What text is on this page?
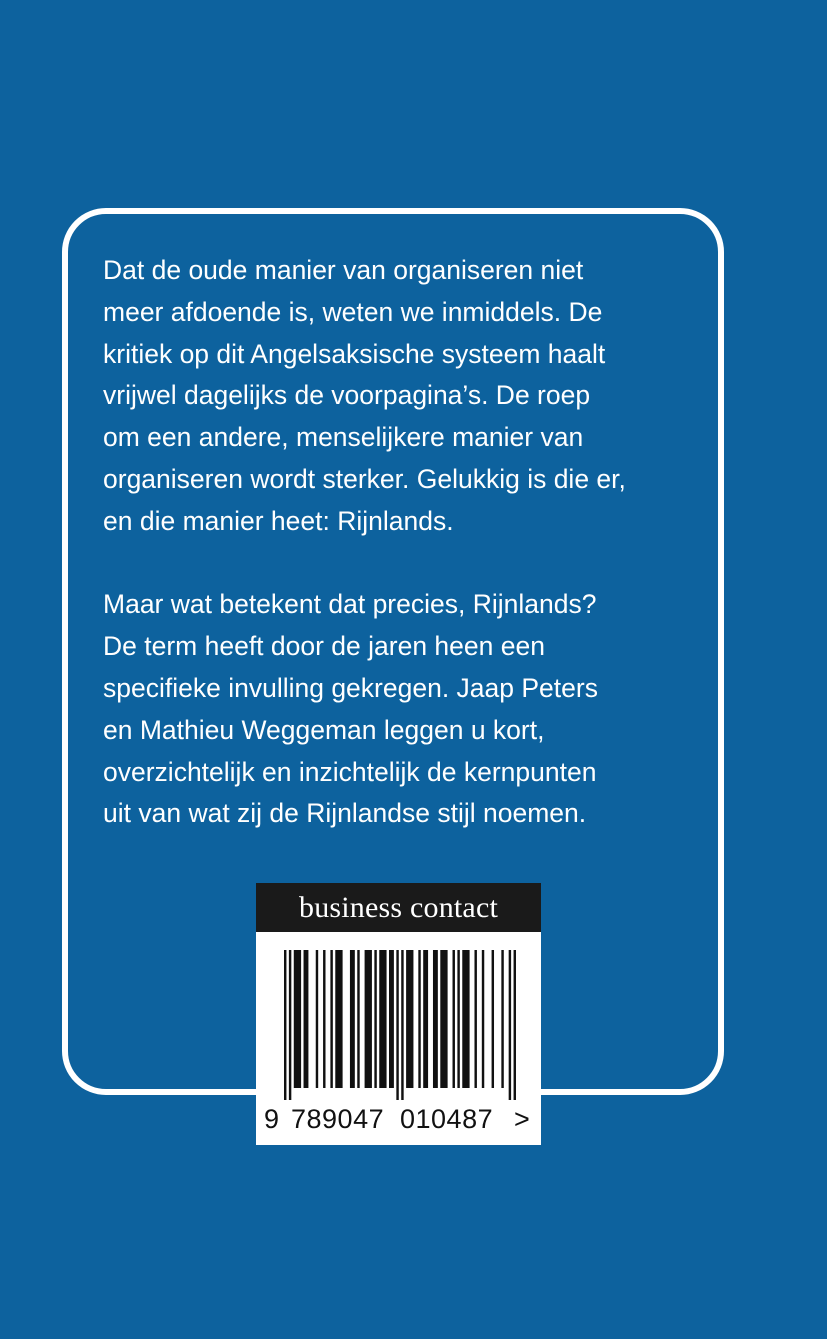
Dat de oude manier van organiseren niet
meer afdoende is, weten we inmiddels. De
kritiek op dit Angelsaksische systeem haalt
vrijwel dagelijks de voorpagina’s. De roep
om een andere, menselijkere manier van
organiseren wordt sterker. Gelukkig is die er,
en die manier heet: Rijnlands.

Maar wat betekent dat precies, Rijnlands?
De term heeft door de jaren heen een
specifieke invulling gekregen. Jaap Peters
en Mathieu Weggeman leggen u kort,
overzichtelijk en inzichtelijk de kernpunten
uit van wat zij de Rijnlandse stijl noemen.

business contact
9 789047 010487 >
